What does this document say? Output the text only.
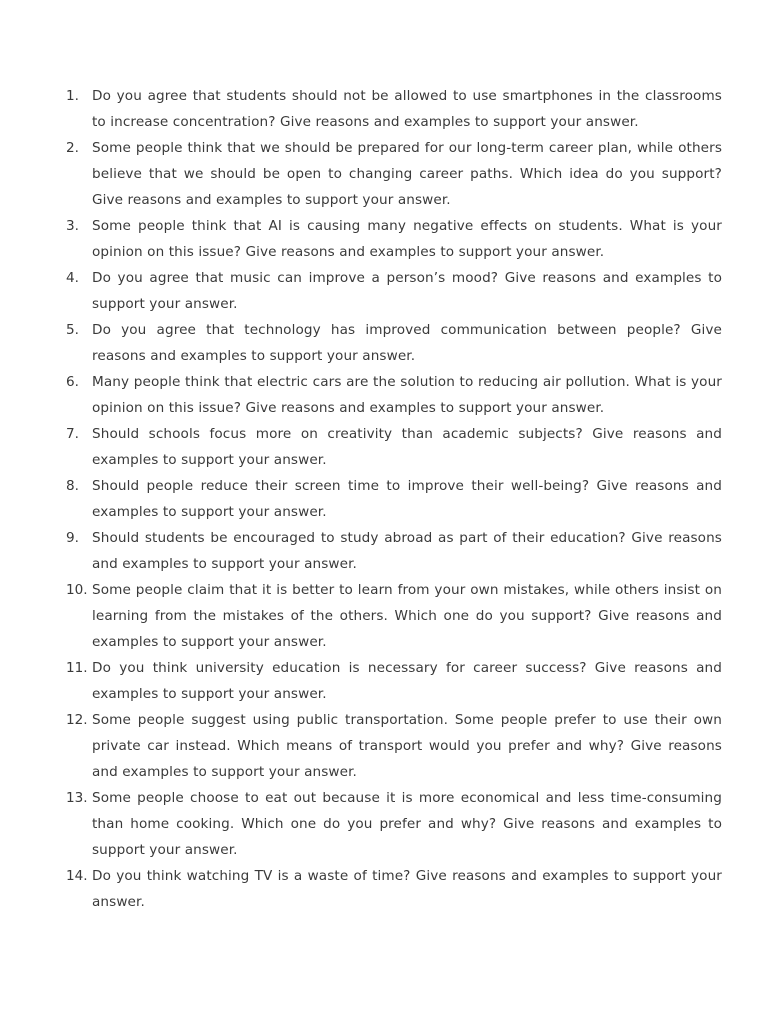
1. Do you agree that students should not be allowed to use smartphones in the classrooms to increase concentration? Give reasons and examples to support your answer.
2. Some people think that we should be prepared for our long-term career plan, while others believe that we should be open to changing career paths. Which idea do you support? Give reasons and examples to support your answer.
3. Some people think that AI is causing many negative effects on students. What is your opinion on this issue? Give reasons and examples to support your answer.
4. Do you agree that music can improve a person’s mood? Give reasons and examples to support your answer.
5. Do you agree that technology has improved communication between people? Give reasons and examples to support your answer.
6. Many people think that electric cars are the solution to reducing air pollution. What is your opinion on this issue? Give reasons and examples to support your answer.
7. Should schools focus more on creativity than academic subjects? Give reasons and examples to support your answer.
8. Should people reduce their screen time to improve their well-being? Give reasons and examples to support your answer.
9. Should students be encouraged to study abroad as part of their education? Give reasons and examples to support your answer.
10. Some people claim that it is better to learn from your own mistakes, while others insist on learning from the mistakes of the others. Which one do you support? Give reasons and examples to support your answer.
11. Do you think university education is necessary for career success? Give reasons and examples to support your answer.
12. Some people suggest using public transportation. Some people prefer to use their own private car instead. Which means of transport would you prefer and why? Give reasons and examples to support your answer.
13. Some people choose to eat out because it is more economical and less time-consuming than home cooking. Which one do you prefer and why? Give reasons and examples to support your answer.
14. Do you think watching TV is a waste of time? Give reasons and examples to support your answer.
